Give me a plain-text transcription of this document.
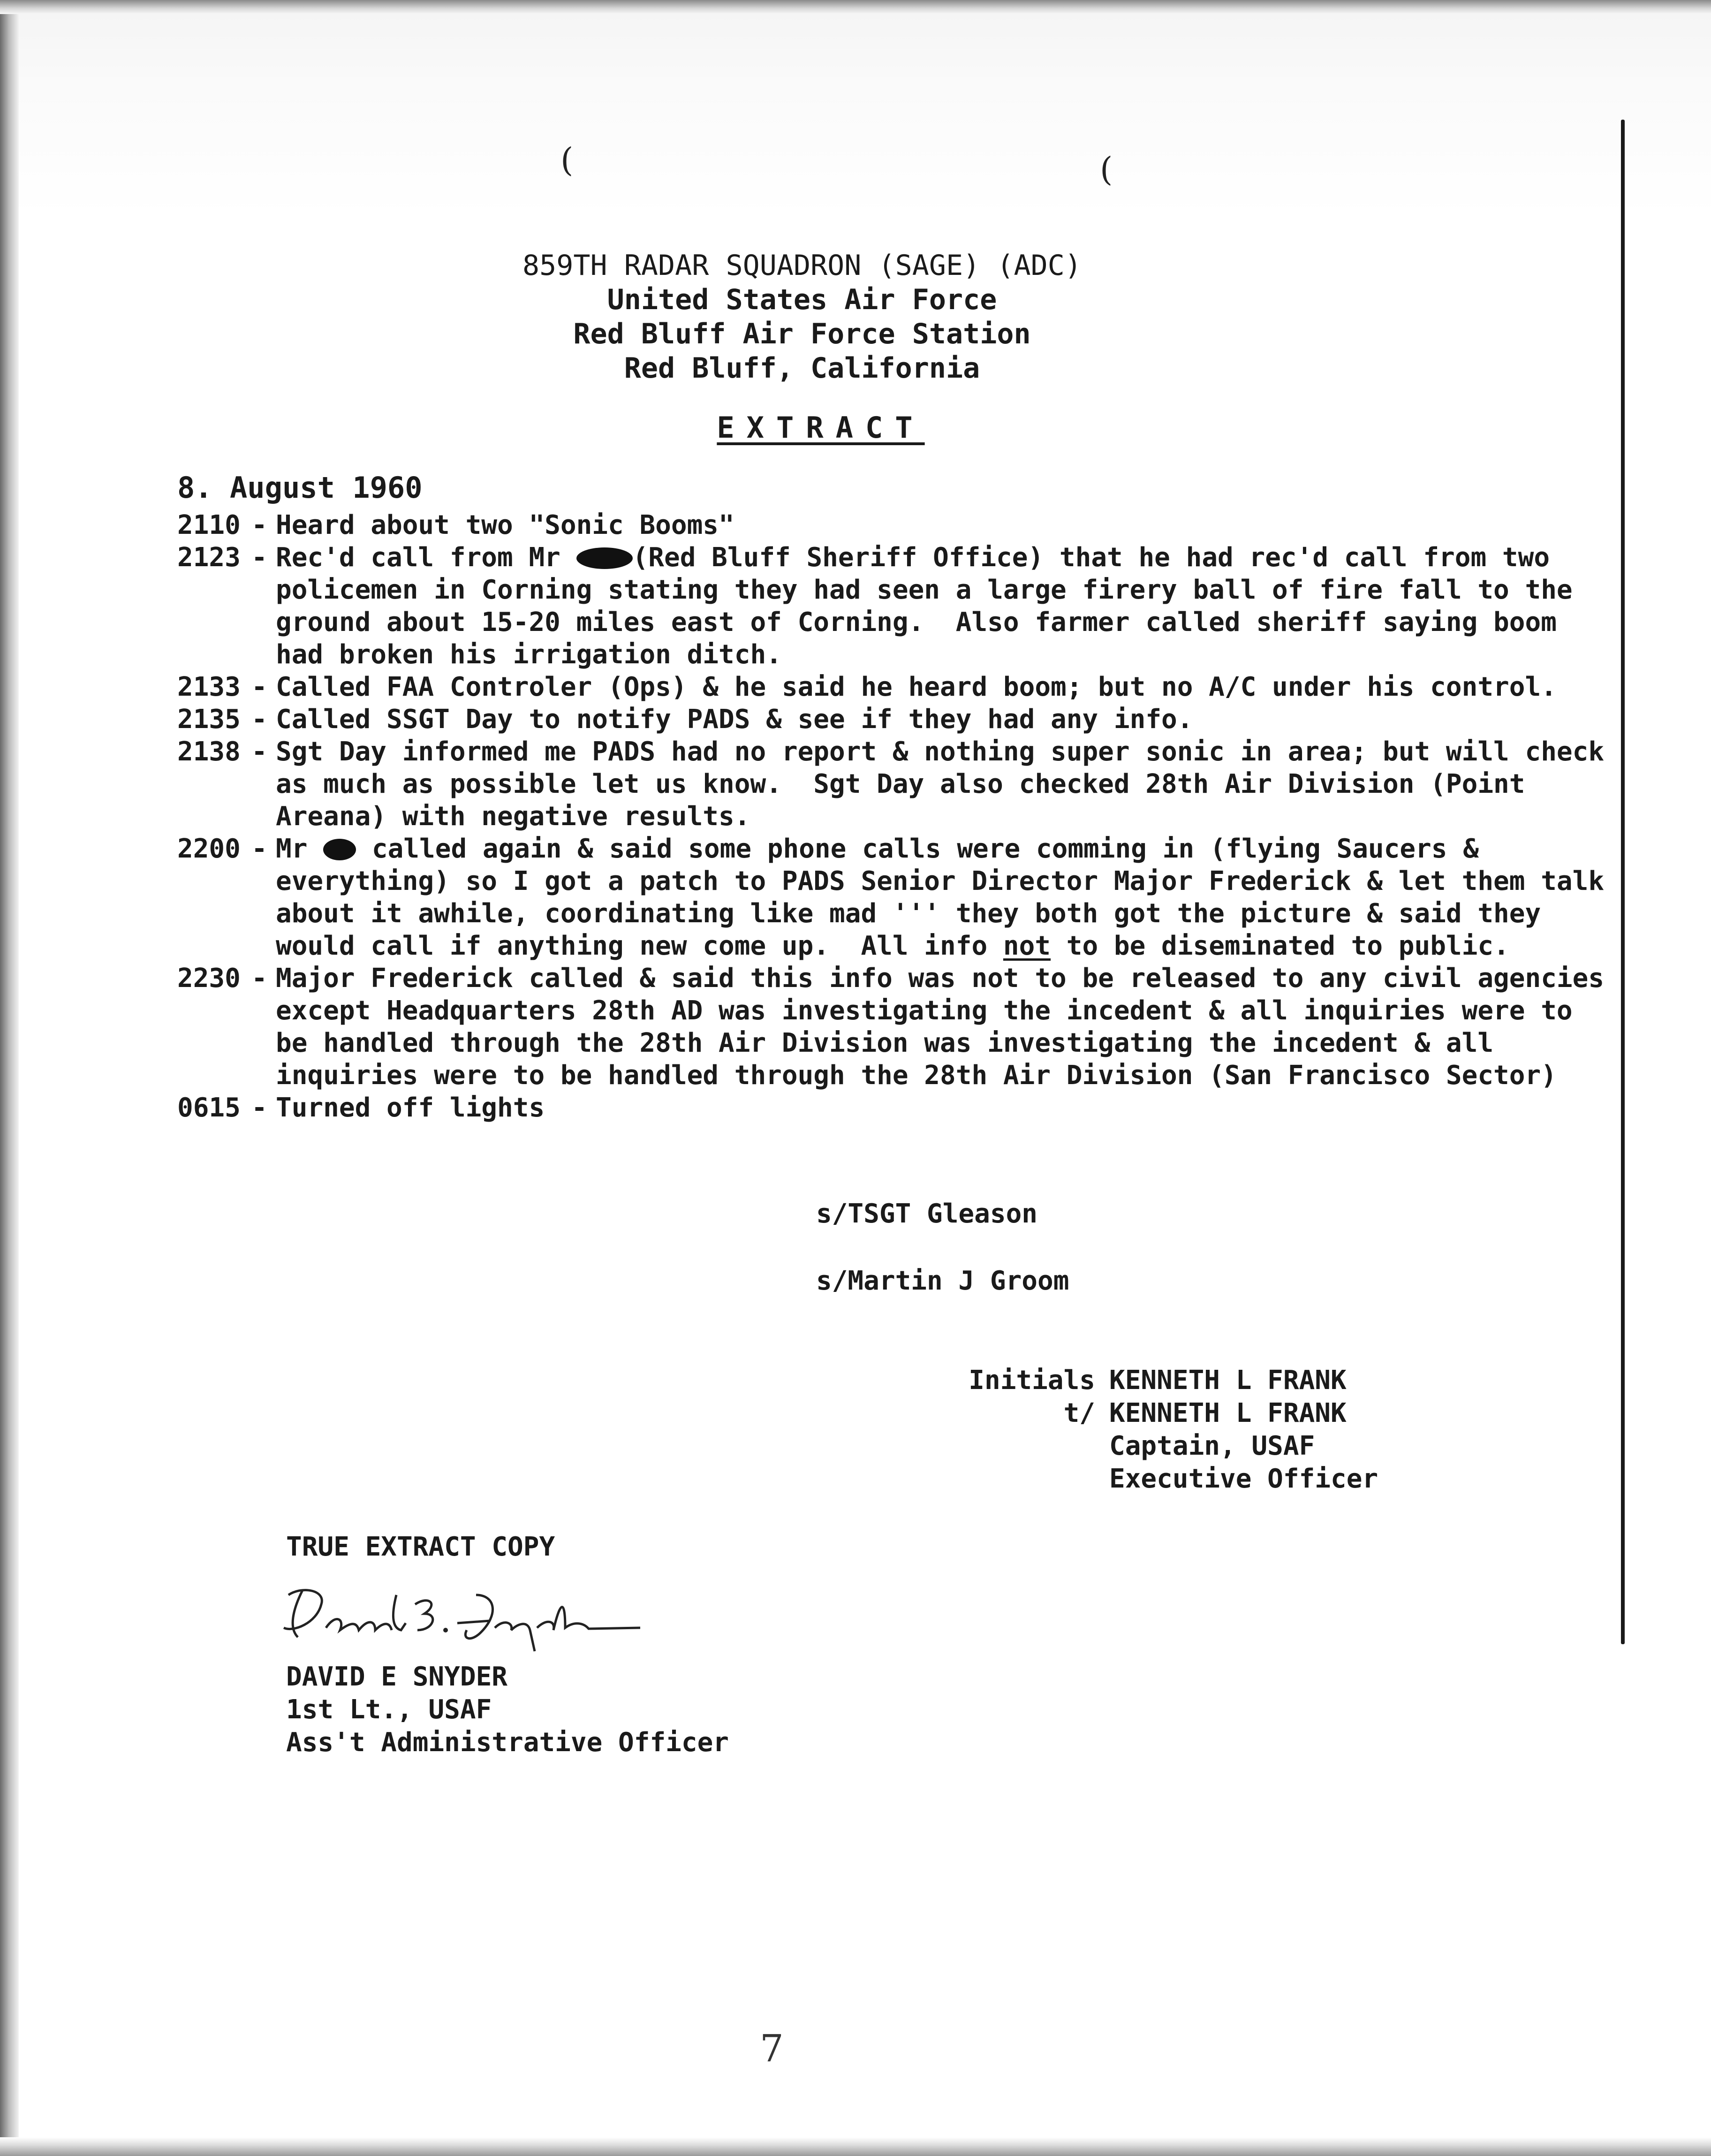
(	(
859TH RADAR SQUADRON (SAGE) (ADC)
United States Air Force
Red Bluff Air Force Station
Red Bluff, California
EXTRACT
8. August 1960
2110 - Heard about two "Sonic Booms"
2123 - Rec'd call from Mr (Red Bluff Sheriff Office) that he had rec'd call from two policemen in Corning stating they had seen a large firery ball of fire fall to the ground about 15-20 miles east of Corning.  Also farmer called sheriff saying boom had broken his irrigation ditch.
2133 - Called FAA Controler (Ops) & he said he heard boom; but no A/C under his control.
2135 - Called SSGT Day to notify PADS & see if they had any info.
2138 - Sgt Day informed me PADS had no report & nothing super sonic in area; but will check as much as possible let us know.  Sgt Day also checked 28th Air Division (Point Areana) with negative results.
2200 - Mr  called again & said some phone calls were comming in (flying Saucers & everything) so I got a patch to PADS Senior Director Major Frederick & let them talk about it awhile, coordinating like mad ''' they both got the picture & said they would call if anything new come up.  All info not to be diseminated to public.
2230 - Major Frederick called & said this info was not to be released to any civil agencies except Headquarters 28th AD was investigating the incedent & all inquiries were to be handled through the 28th Air Division was investigating the incedent & all inquiries were to be handled through the 28th Air Division (San Francisco Sector)
0615 - Turned off lights
s/TSGT Gleason
s/Martin J Groom
Initials KENNETH L FRANK
t/ KENNETH L FRANK
Captain, USAF
Executive Officer
TRUE EXTRACT COPY
DAVID E SNYDER
1st Lt., USAF
Ass't Administrative Officer
7
